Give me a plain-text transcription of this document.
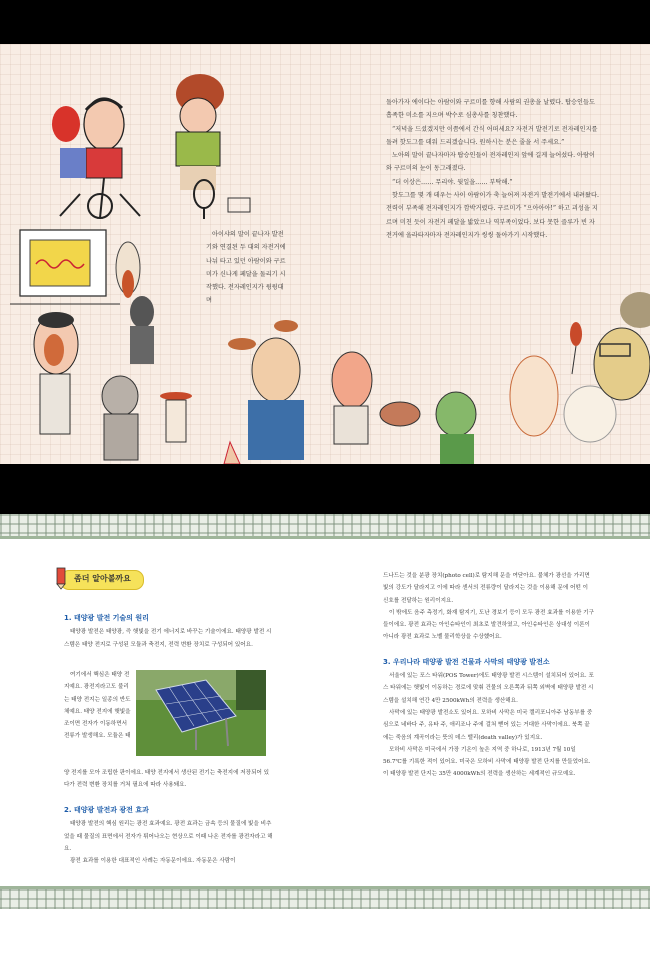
아이샤의 말이 끝나자 발전기와 연결된 두 대의 자전거에 나눠 타고 있던 아람이와 구르미가 신나게 페달을 돌리기 시작했다. 전자레인지가 윙윙대며

돌아가자 에이다는 아람이와 구르미를 향해 사람의 권총을 날렸다. 탑승인들도 흡족한 미소를 지으며 박수로 심총사를 칭찬했다.

“저녁을 드셨겠지만 이쯤에서 간식 어떠세요? 자전거 발전기로 전자레인지를 돌려 핫도그를 데워 드리겠습니다. 원하시는 분은 줄을 서 주세요.”

노아의 말이 끝나자마자 탑승인들이 전자레인지 앞에 길게 늘어섰다. 아람이와 구르미의 눈이 동그래졌다.

“더 이상은…… 무리야. 뒷일을…… 부탁해.”

핫도그를 몇 개 데우는 사이 아람이가 축 늘어져 자전거 발전기에서 내려왔다. 전력이 부족해 전자레인지가 깜박거렸다. 구르미가 “으아아아!” 하고 괴성을 지르며 미친 듯이 자전거 페달을 밟았으나 역부족이었다. 보다 못한 즐루가 빈 자전거에 올라타자마자 전자레인지가 씽씽 돌아가기 시작했다.

좀더 알아볼까요
1. 태양광 발전 기술의 원리

태양광 발전은 태양광, 즉 햇빛을 전기 에너지로 바꾸는 기술이에요. 태양광 발전 시스템은 태양 전지로 구성된 모듈과 축전지, 전력 변환 장치로 구성되어 있어요.

여기에서 핵심은 태양 전지예요. 광전지라고도 불리는 태양 전지는 일종의 반도체예요. 태양 전지에 햇빛을 조이면 전자가 이동하면서 전류가 발생해요. 모듈은 태

양 전지를 모아 조립한 판이에요. 태양 전지에서 생산된 전기는 축전지에 저장되어 있다가 전력 변환 장치를 거쳐 필요에 따라 사용돼요.

2. 태양광 발전과 광전 효과

태양광 발전의 핵심 원리는 광전 효과예요. 광전 효과는 금속 등의 물질에 빛을 비추었을 때 물질의 표면에서 전자가 튀어나오는 현상으로 이때 나온 전자를 광전자라고 해요.

광전 효과를 이용한 대표적인 사례는 자동문이에요. 자동문은 사람이

드나드는 것을 분광 장치(photo cell)로 탐지해 문을 여닫아요. 불체가 광선을 가리면 빛의 강도가 달라지고 이에 따라 센서의 전류량이 달라지는 것을 이용해 문에 어떤 이 신호를 전달하는 원리이지요.

이 밖에도 음주 측정기, 화재 탐지기, 도난 경보기 등이 모두 광전 효과를 이용한 기구들이에요. 광전 효과는 아인슈타인이 최초로 발견하였고, 아인슈타인은 상대성 이론이 아니라 광전 효과로 노벨 물리학상을 수상했어요.

3. 우리나라 태양광 발전 건물과 사막의 태양광 발전소

서울에 있는 포스 타워(POS Tower)에도 태양광 발전 시스템이 설치되어 있어요. 포스 타워에는 햇빛이 이동하는 경로에 맞춰 건물의 오른쪽과 뒤쪽 외벽에 태양광 발전 시스템을 설치해 연간 4만 2500kWh의 전력을 생산해요.

사막에 있는 태양광 발전소도 있어요. 모하비 사막은 미국 캘리포니아주 남동부를 중심으로 네바다 주, 유타 주, 애리조나 주에 걸쳐 뻗어 있는 거대한 사막이에요. 북쪽 끝에는 죽음의 계곡이라는 뜻의 데스 밸리(death valley)가 있지요.

모하비 사막은 미국에서 가장 기온이 높은 지역 중 하나로, 1913년 7월 10일 56.7℃를 기록한 적이 있어요. 미국은 모하비 사막에 태양광 발전 단지를 만들었어요. 이 태양광 발전 단지는 35만 4000kWh의 전력을 생산하는 세계적인 규모예요.
